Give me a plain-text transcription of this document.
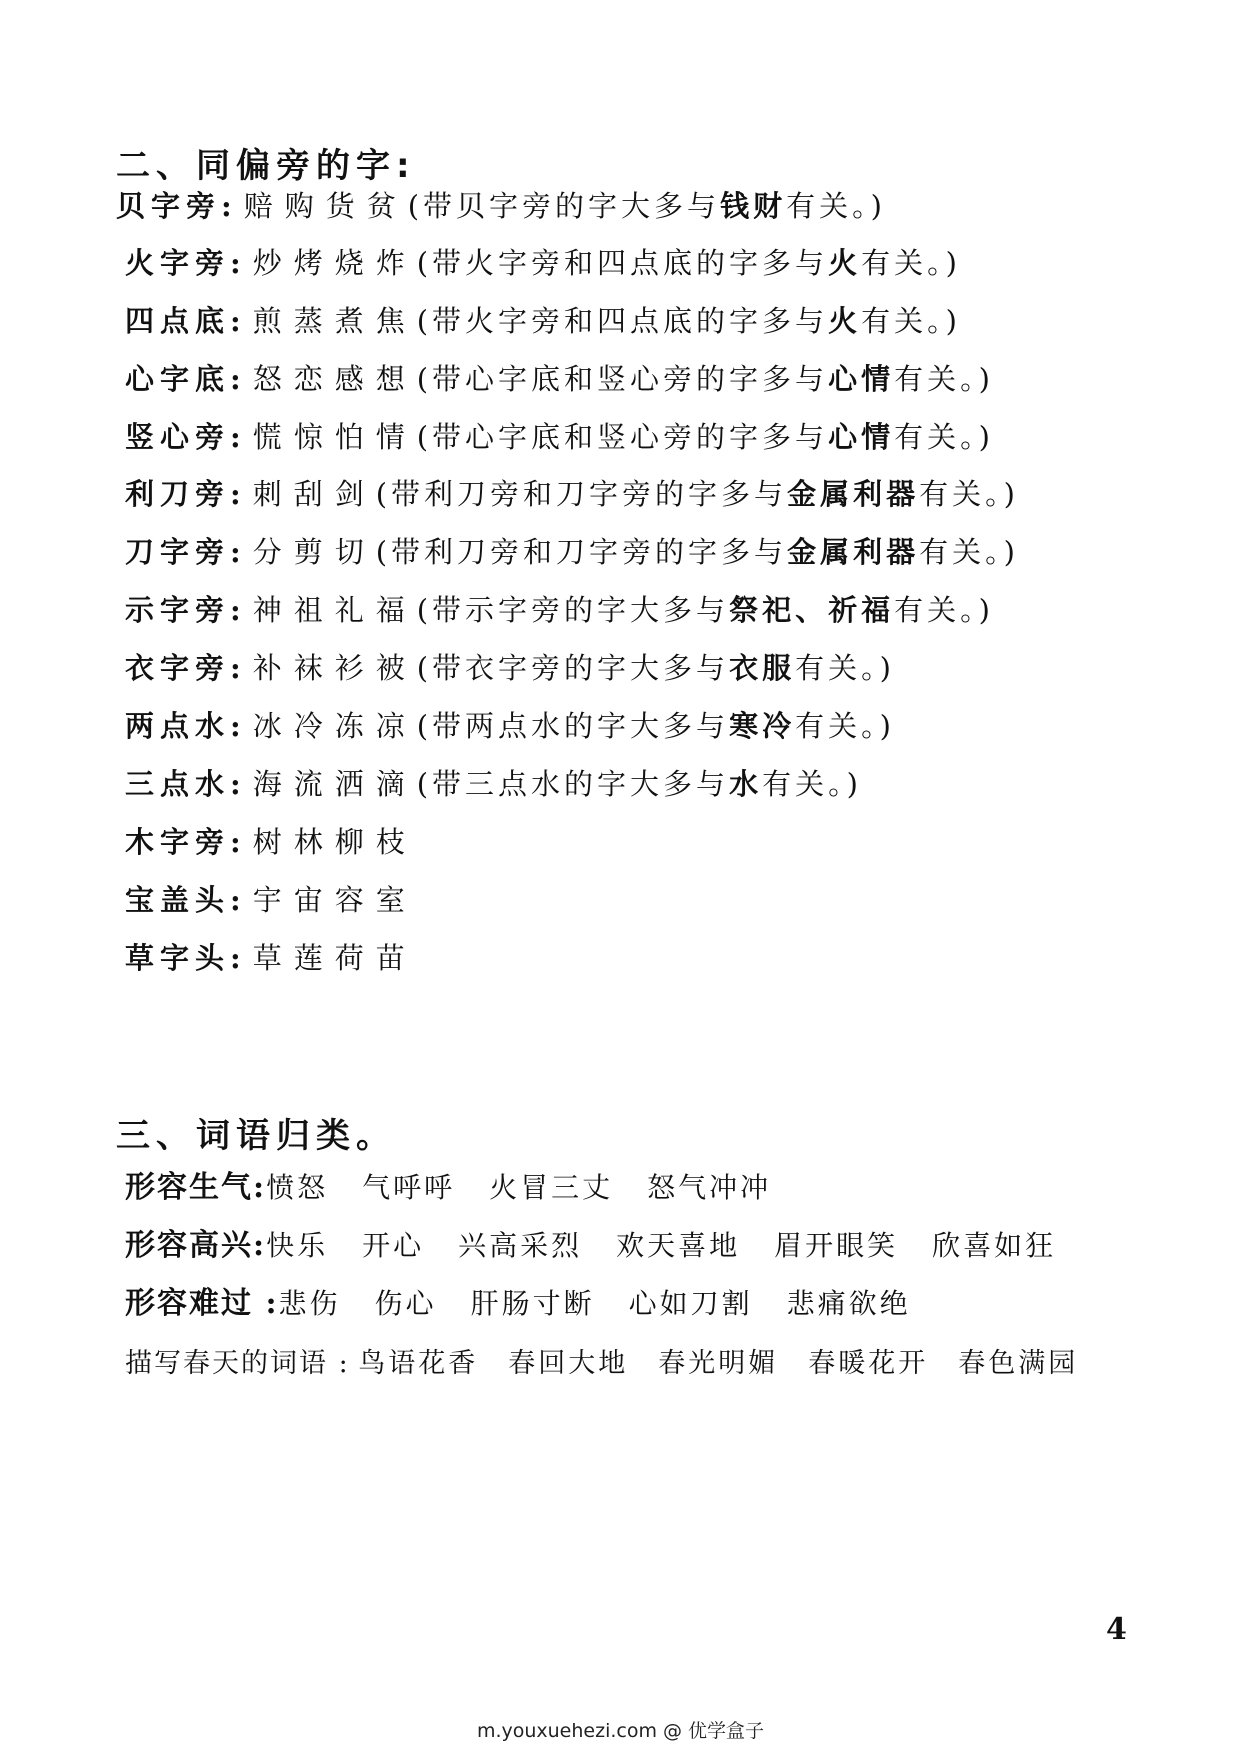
二、同偏旁的字:
贝字旁: 赔购货贫(带贝字旁的字大多与钱财有关。)
火字旁: 炒烤烧炸(带火字旁和四点底的字多与火有关。)
四点底: 煎蒸煮焦(带火字旁和四点底的字多与火有关。)
心字底: 怒恋感想(带心字底和竖心旁的字多与心情有关。)
竖心旁: 慌惊怕情(带心字底和竖心旁的字多与心情有关。)
利刀旁: 刺刮剑(带利刀旁和刀字旁的字多与金属利器有关。)
刀字旁: 分剪切(带利刀旁和刀字旁的字多与金属利器有关。)
示字旁: 神祖礼福(带示字旁的字大多与祭祀、祈福有关。)
衣字旁: 补袜衫被(带衣字旁的字大多与衣服有关。)
两点水: 冰冷冻凉(带两点水的字大多与寒冷有关。)
三点水: 海流洒滴(带三点水的字大多与水有关。)
木字旁: 树林柳枝
宝盖头: 宇宙容室
草字头: 草莲荷苗
三、词语归类。
形容生气:愤怒 气呼呼 火冒三丈 怒气冲冲
形容高兴:快乐 开心 兴高采烈 欢天喜地 眉开眼笑 欣喜如狂
形容难过 :悲伤 伤心 肝肠寸断 心如刀割 悲痛欲绝
描写春天的词语 : 鸟语花香 春回大地 春光明媚 春暖花开 春色满园
4
m.youxuehezi.com @ 优学盒子
